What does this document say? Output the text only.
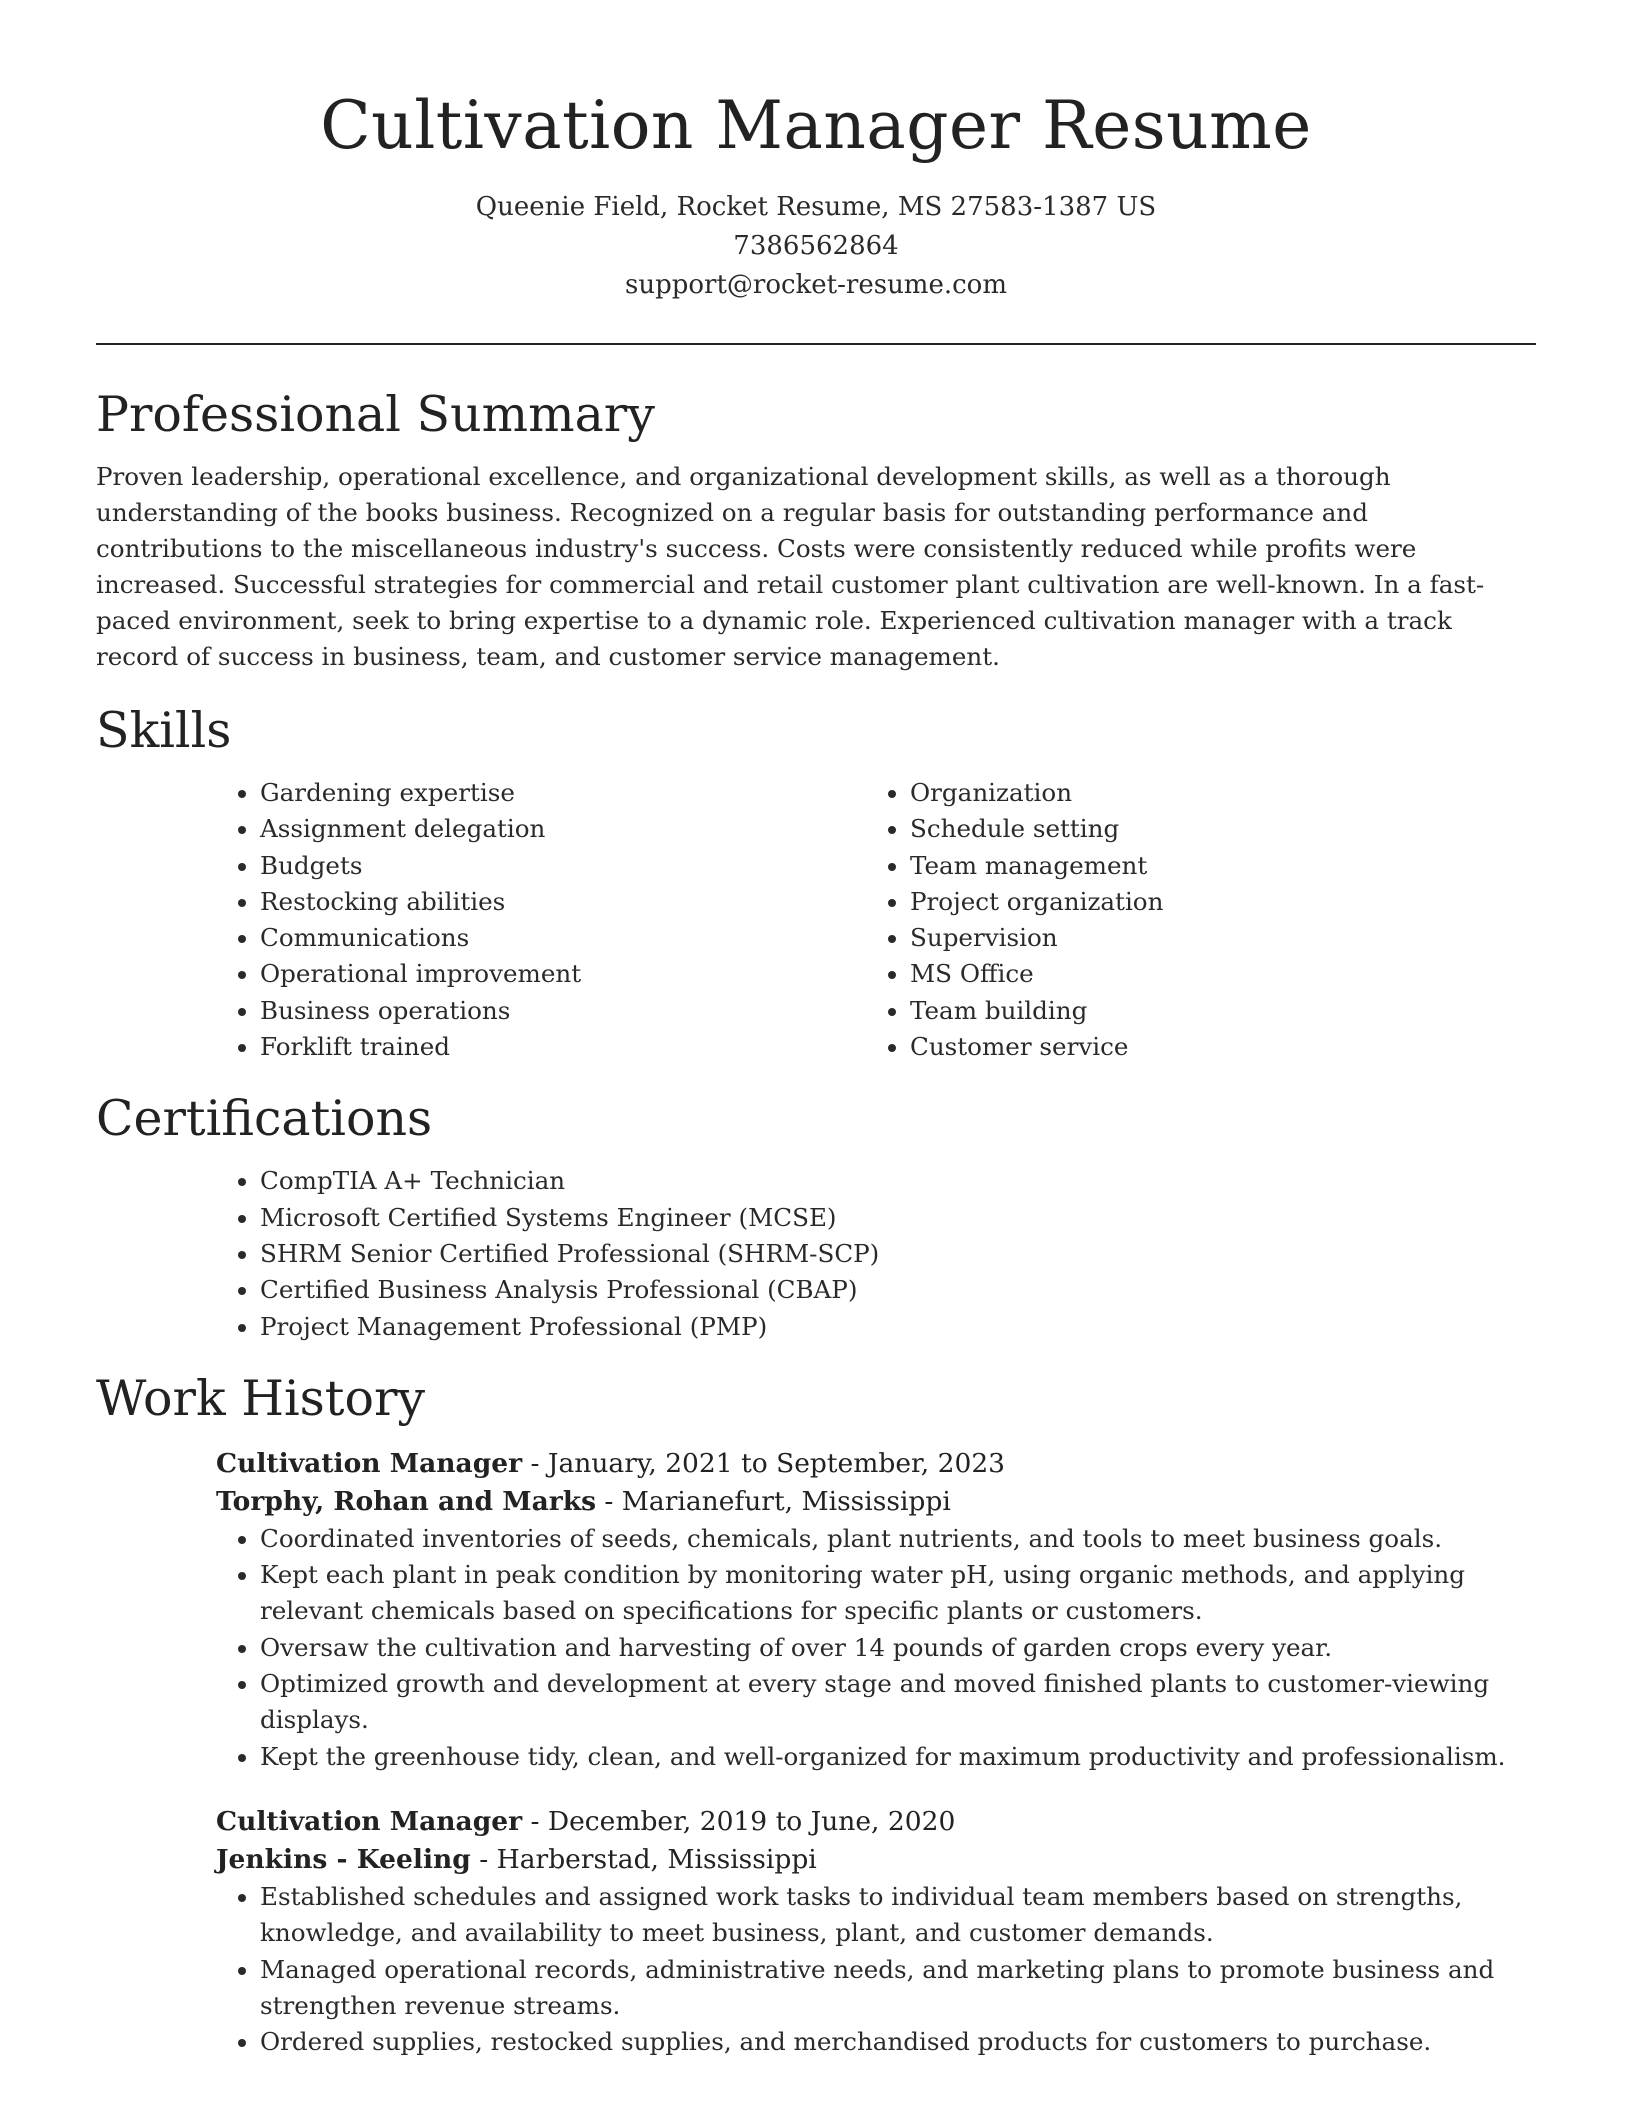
Cultivation Manager Resume
Queenie Field, Rocket Resume, MS 27583-1387 US
7386562864
support@rocket-resume.com
Professional Summary

Proven leadership, operational excellence, and organizational development skills, as well as a thorough understanding of the books business. Recognized on a regular basis for outstanding performance and contributions to the miscellaneous industry's success. Costs were consistently reduced while profits were increased. Successful strategies for commercial and retail customer plant cultivation are well-known. In a fast-paced environment, seek to bring expertise to a dynamic role. Experienced cultivation manager with a track record of success in business, team, and customer service management.

Skills
• Gardening expertise
• Assignment delegation
• Budgets
• Restocking abilities
• Communications
• Operational improvement
• Business operations
• Forklift trained
• Organization
• Schedule setting
• Team management
• Project organization
• Supervision
• MS Office
• Team building
• Customer service
Certifications
• CompTIA A+ Technician
• Microsoft Certified Systems Engineer (MCSE)
• SHRM Senior Certified Professional (SHRM-SCP)
• Certified Business Analysis Professional (CBAP)
• Project Management Professional (PMP)
Work History
Cultivation Manager - January, 2021 to September, 2023
Torphy, Rohan and Marks - Marianefurt, Mississippi
• Coordinated inventories of seeds, chemicals, plant nutrients, and tools to meet business goals.
• Kept each plant in peak condition by monitoring water pH, using organic methods, and applying relevant chemicals based on specifications for specific plants or customers.
• Oversaw the cultivation and harvesting of over 14 pounds of garden crops every year.
• Optimized growth and development at every stage and moved finished plants to customer-viewing displays.
• Kept the greenhouse tidy, clean, and well-organized for maximum productivity and professionalism.
Cultivation Manager - December, 2019 to June, 2020
Jenkins - Keeling - Harberstad, Mississippi
• Established schedules and assigned work tasks to individual team members based on strengths, knowledge, and availability to meet business, plant, and customer demands.
• Managed operational records, administrative needs, and marketing plans to promote business and strengthen revenue streams.
• Ordered supplies, restocked supplies, and merchandised products for customers to purchase.
